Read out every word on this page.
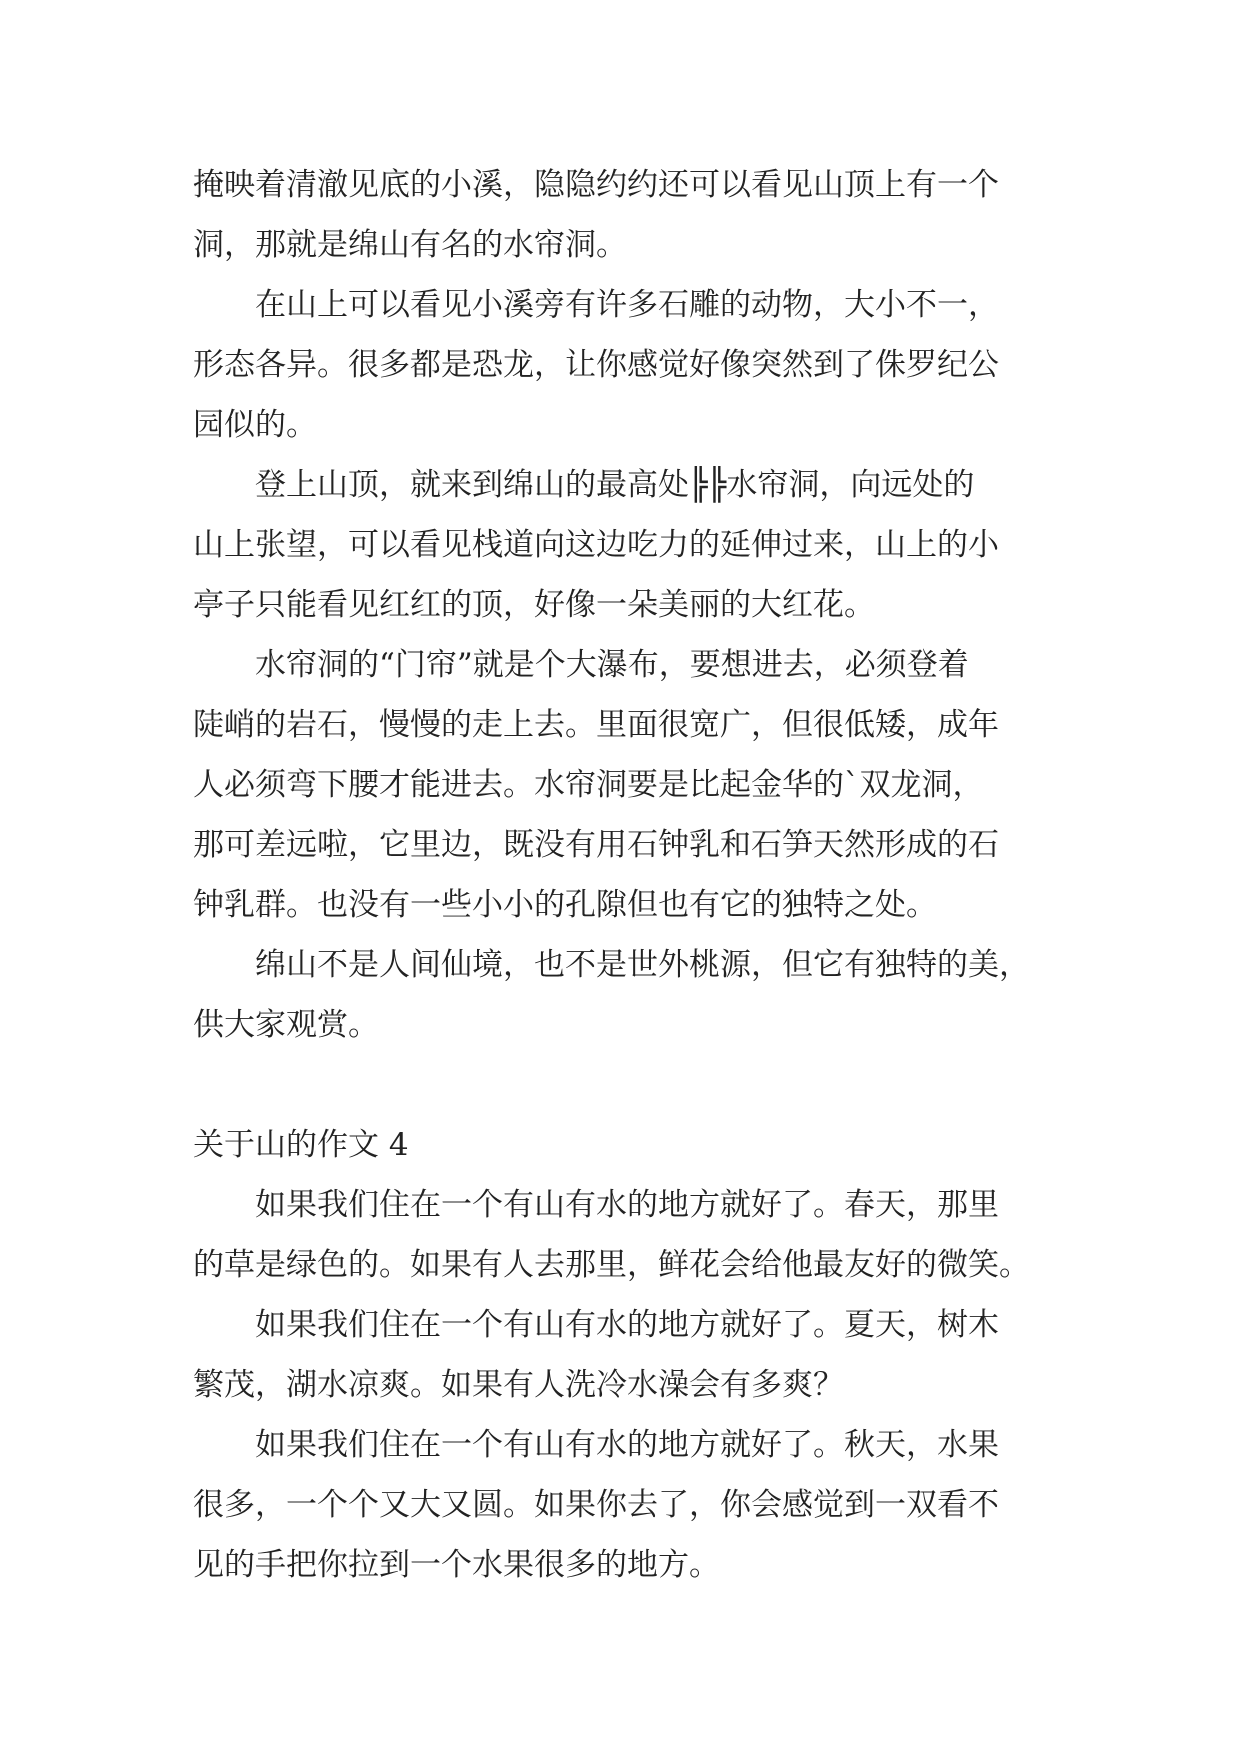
掩映着清澈见底的小溪，隐隐约约还可以看见山顶上有一个
洞，那就是绵山有名的水帘洞。
在山上可以看见小溪旁有许多石雕的动物，大小不一，
形态各异。很多都是恐龙，让你感觉好像突然到了侏罗纪公
园似的。
登上山顶，就来到绵山的最高处╠╠水帘洞，向远处的
山上张望，可以看见栈道向这边吃力的延伸过来，山上的小
亭子只能看见红红的顶，好像一朵美丽的大红花。
水帘洞的“门帘”就是个大瀑布，要想进去，必须登着
陡峭的岩石，慢慢的走上去。里面很宽广，但很低矮，成年
人必须弯下腰才能进去。水帘洞要是比起金华的`双龙洞，
那可差远啦，它里边，既没有用石钟乳和石笋天然形成的石
钟乳群。也没有一些小小的孔隙但也有它的独特之处。
绵山不是人间仙境，也不是世外桃源，但它有独特的美，
供大家观赏。
关于山的作文 4
如果我们住在一个有山有水的地方就好了。春天，那里
的草是绿色的。如果有人去那里，鲜花会给他最友好的微笑。
如果我们住在一个有山有水的地方就好了。夏天，树木
繁茂，湖水凉爽。如果有人洗冷水澡会有多爽？
如果我们住在一个有山有水的地方就好了。秋天，水果
很多，一个个又大又圆。如果你去了，你会感觉到一双看不
见的手把你拉到一个水果很多的地方。
